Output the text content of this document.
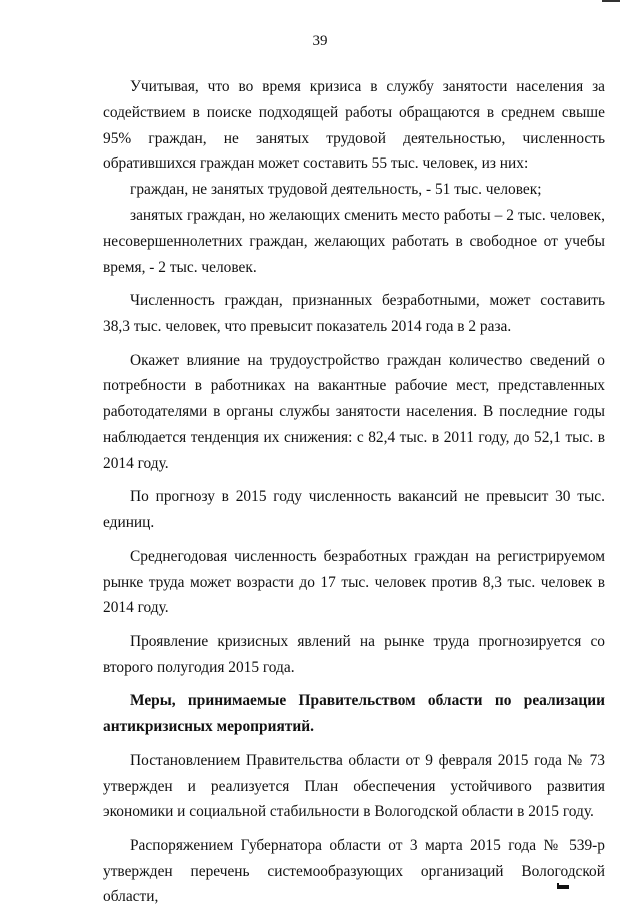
39

Учитывая, что во время кризиса в службу занятости населения за содействием в поиске подходящей работы обращаются в среднем свыше 95% граждан, не занятых трудовой деятельностью, численность обратившихся граждан может составить 55 тыс. человек, из них:

граждан, не занятых трудовой деятельность, - 51 тыс. человек;

занятых граждан, но желающих сменить место работы – 2 тыс. человек, несовершеннолетних граждан, желающих работать в свободное от учебы время, - 2 тыс. человек.

Численность граждан, признанных безработными, может составить 38,3 тыс. человек, что превысит показатель 2014 года в 2 раза.

Окажет влияние на трудоустройство граждан количество сведений о потребности в работниках на вакантные рабочие мест, представленных работодателями в органы службы занятости населения. В последние годы наблюдается тенденция их снижения: с 82,4 тыс. в 2011 году, до 52,1 тыс. в 2014 году.

По прогнозу в 2015 году численность вакансий не превысит 30 тыс. единиц.

Среднегодовая численность безработных граждан на регистрируемом рынке труда может возрасти до 17 тыс. человек против 8,3 тыс. человек в 2014 году.

Проявление кризисных явлений на рынке труда прогнозируется со второго полугодия 2015 года.

Меры, принимаемые Правительством области по реализации антикризисных мероприятий.

Постановлением Правительства области от 9 февраля 2015 года № 73 утвержден и реализуется План обеспечения устойчивого развития экономики и социальной стабильности в Вологодской области в 2015 году.

Распоряжением Губернатора области от 3 марта 2015 года № 539-р утвержден перечень системообразующих организаций Вологодской области,
